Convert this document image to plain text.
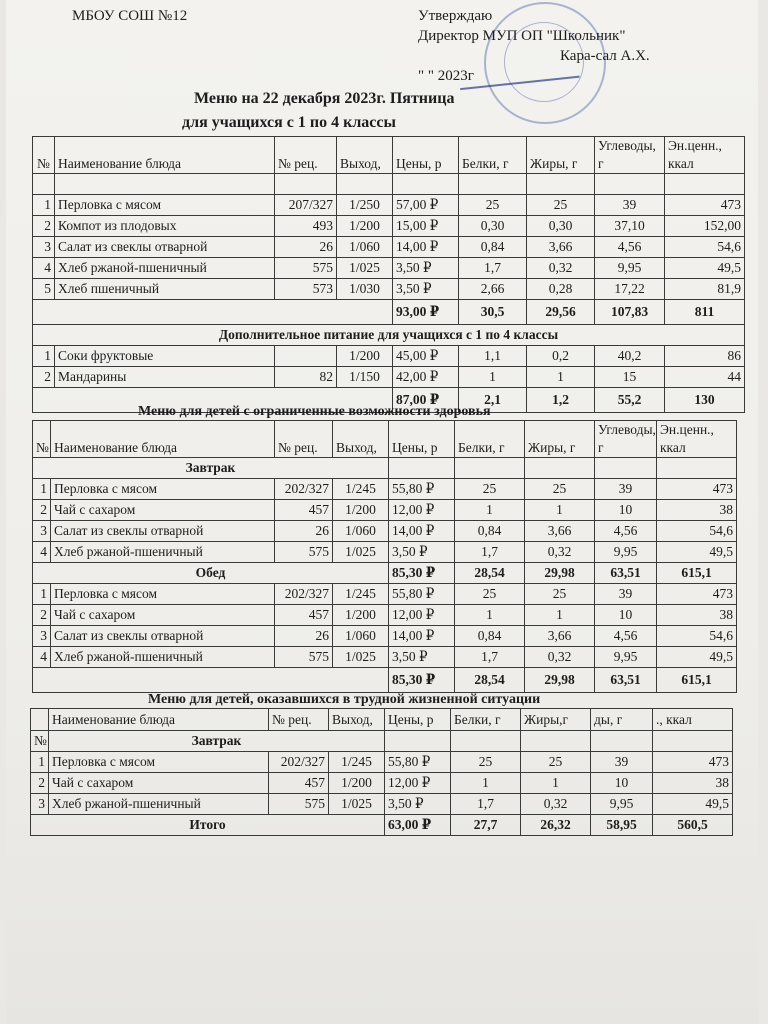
МБОУ СОШ №12	Утверждаю
Директор МУП ОП "Школьник"
Кара-сал А.Х.
" " 2023г
Меню на 22 декабря 2023г. Пятница
для учащихся с 1 по 4 классы
№	Наименование блюда	№ рец.	Выход,	Цены, р	Белки, г	Жиры, г	Углеводы, г	Эн.ценн., ккал

1	Перловка с мясом	207/327	1/250	57,00 ₽	25	25	39	473
2	Компот из плодовых	493	1/200	15,00 ₽	0,30	0,30	37,10	152,00
3	Салат из свеклы отварной	26	1/060	14,00 ₽	0,84	3,66	4,56	54,6
4	Хлеб ржаной-пшеничный	575	1/025	3,50 ₽	1,7	0,32	9,95	49,5
5	Хлеб пшеничный	573	1/030	3,50 ₽	2,66	0,28	17,22	81,9
				93,00 ₽	30,5	29,56	107,83	811
Дополнительное питание для учащихся с 1 по 4 классы								
1	Соки фруктовые		1/200	45,00 ₽	1,1	0,2	40,2	86
2	Мандарины	82	1/150	42,00 ₽	1	1	15	44
				87,00 ₽	2,1	1,2	55,2	130
Меню для детей с ограниченные возможности здоровья
№	Наименование блюда	№ рец.	Выход,	Цены, р	Белки, г	Жиры, г	Углеводы, г	Эн.ценн., ккал
Завтрак								
1	Перловка с мясом	202/327	1/245	55,80 ₽	25	25	39	473
2	Чай с сахаром	457	1/200	12,00 ₽	1	1	10	38
3	Салат из свеклы отварной	26	1/060	14,00 ₽	0,84	3,66	4,56	54,6
4	Хлеб ржаной-пшеничный	575	1/025	3,50 ₽	1,7	0,32	9,95	49,5
Обед				85,30 ₽	28,54	29,98	63,51	615,1
1	Перловка с мясом	202/327	1/245	55,80 ₽	25	25	39	473
2	Чай с сахаром	457	1/200	12,00 ₽	1	1	10	38
3	Салат из свеклы отварной	26	1/060	14,00 ₽	0,84	3,66	4,56	54,6
4	Хлеб ржаной-пшеничный	575	1/025	3,50 ₽	1,7	0,32	9,95	49,5
				85,30 ₽	28,54	29,98	63,51	615,1
Меню для детей, оказавшихся в трудной жизненной ситуации
	Наименование блюда	№ рец.	Выход,	Цены, р	Белки, г	Жиры,г	ды, г	., ккал
№	Завтрак							
1	Перловка с мясом	202/327	1/245	55,80 ₽	25	25	39	473
2	Чай с сахаром	457	1/200	12,00 ₽	1	1	10	38
3	Хлеб ржаной-пшеничный	575	1/025	3,50 ₽	1,7	0,32	9,95	49,5
Итого				63,00 ₽	27,7	26,32	58,95	560,5
